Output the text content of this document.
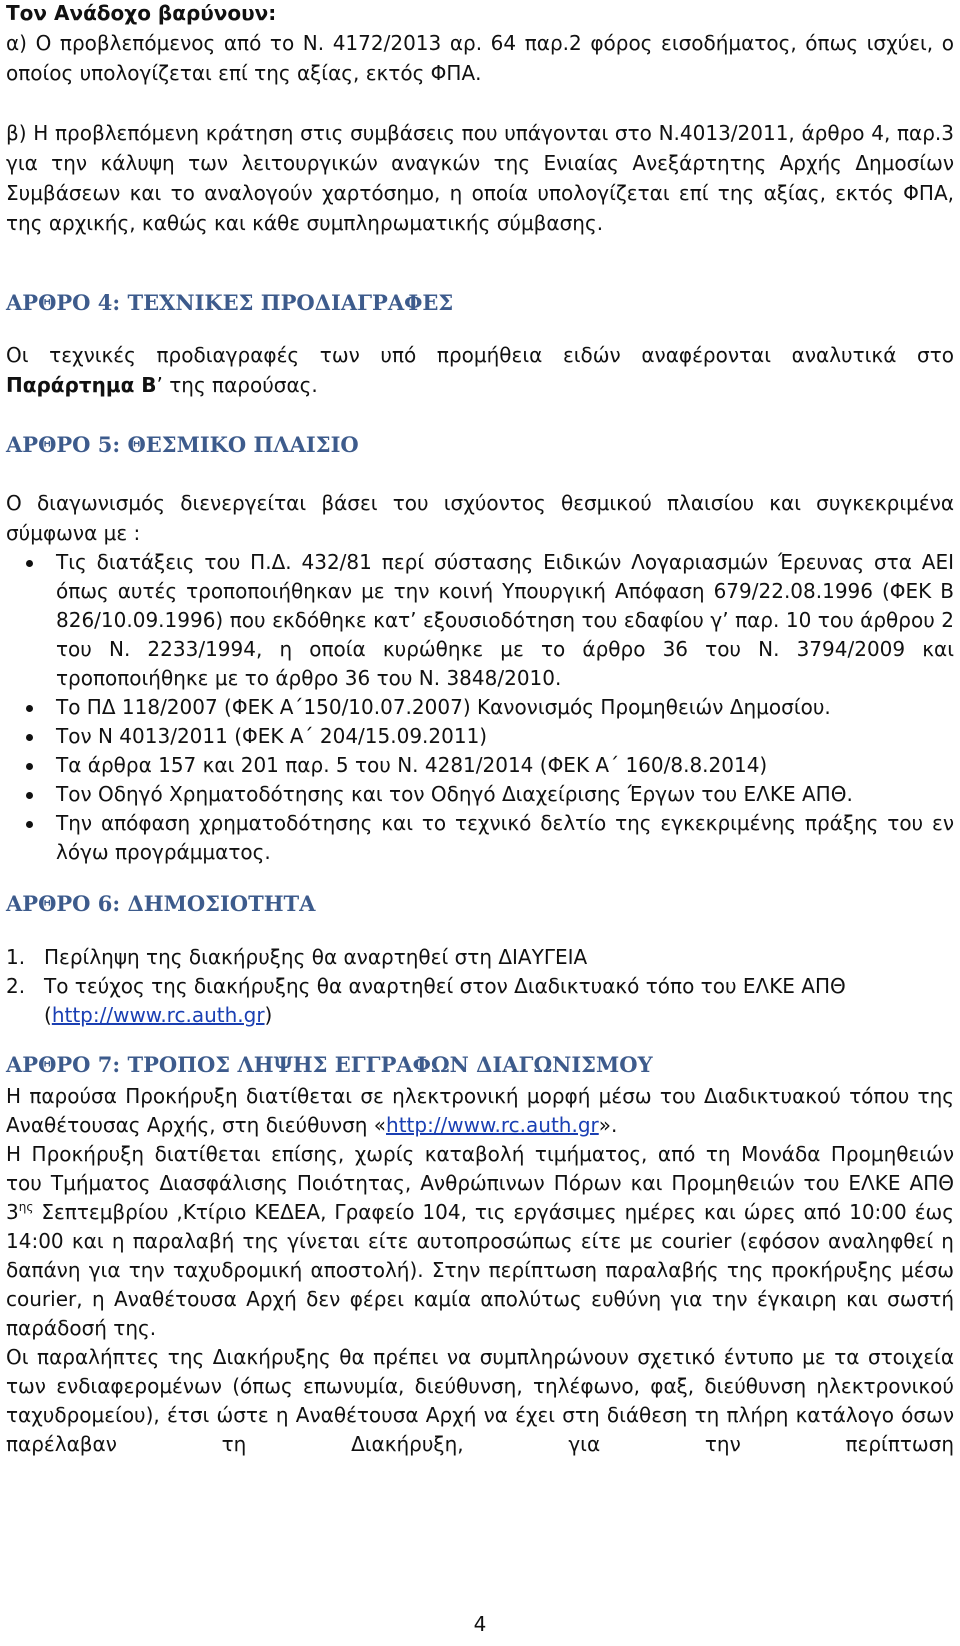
Τον Ανάδοχο βαρύνουν:

α) Ο προβλεπόμενος από το Ν. 4172/2013 αρ. 64 παρ.2 φόρος εισοδήματος, όπως ισχύει, ο οποίος υπολογίζεται επί της αξίας, εκτός ΦΠΑ.

β) Η προβλεπόμενη κράτηση στις συμβάσεις που υπάγονται στο Ν.4013/2011, άρθρο 4, παρ.3 για την κάλυψη των λειτουργικών αναγκών της Ενιαίας Ανεξάρτητης Αρχής Δημοσίων Συμβάσεων και το αναλογούν χαρτόσημο, η οποία υπολογίζεται επί της αξίας, εκτός ΦΠΑ, της αρχικής, καθώς και κάθε συμπληρωματικής σύμβασης.

ΑΡΘΡΟ 4: ΤΕΧΝΙΚΕΣ ΠΡΟΔΙΑΓΡΑΦΕΣ

Οι τεχνικές προδιαγραφές των υπό προμήθεια ειδών αναφέρονται αναλυτικά στο Παράρτημα Β’ της παρούσας.

ΑΡΘΡΟ 5: ΘΕΣΜΙΚΟ ΠΛΑΙΣΙΟ

Ο διαγωνισμός διενεργείται βάσει του ισχύοντος θεσμικού πλαισίου και συγκεκριμένα σύμφωνα με :

Τις διατάξεις του Π.Δ. 432/81 περί σύστασης Ειδικών Λογαριασμών Έρευνας στα ΑΕΙ όπως αυτές τροποποιήθηκαν με την κοινή Υπουργική Απόφαση 679/22.08.1996 (ΦΕΚ Β 826/10.09.1996) που εκδόθηκε κατ’ εξουσιοδότηση του εδαφίου γ’ παρ. 10 του άρθρου 2 του Ν. 2233/1994, η οποία κυρώθηκε με το άρθρο 36 του Ν. 3794/2009 και τροποποιήθηκε με το άρθρο 36 του Ν. 3848/2010.
Το ΠΔ 118/2007 (ΦΕΚ Α΄150/10.07.2007) Κανονισμός Προμηθειών Δημοσίου.
Τον Ν 4013/2011 (ΦΕΚ Α΄ 204/15.09.2011)
Τα άρθρα 157 και 201 παρ. 5 του Ν. 4281/2014 (ΦΕΚ Α΄ 160/8.8.2014)
Τον Οδηγό Χρηματοδότησης και τον Οδηγό Διαχείρισης Έργων του ΕΛΚΕ ΑΠΘ.
Την απόφαση χρηματοδότησης και το τεχνικό δελτίο της εγκεκριμένης πράξης του εν λόγω προγράμματος.
ΑΡΘΡΟ 6: ΔΗΜΟΣΙΟΤΗΤΑ
1. Περίληψη της διακήρυξης θα αναρτηθεί στη ΔΙΑΥΓΕΙΑ
2. Το τεύχος της διακήρυξης θα αναρτηθεί στον Διαδικτυακό τόπο του ΕΛΚΕ ΑΠΘ (http://www.rc.auth.gr)
ΑΡΘΡΟ 7: ΤΡΟΠΟΣ ΛΗΨΗΣ ΕΓΓΡΑΦΩΝ ΔΙΑΓΩΝΙΣΜΟΥ

Η παρούσα Προκήρυξη διατίθεται σε ηλεκτρονική μορφή μέσω του Διαδικτυακού τόπου της Αναθέτουσας Αρχής, στη διεύθυνση «http://www.rc.auth.gr».

Η Προκήρυξη διατίθεται επίσης, χωρίς καταβολή τιμήματος, από τη Μονάδα Προμηθειών του Τμήματος Διασφάλισης Ποιότητας, Ανθρώπινων Πόρων και Προμηθειών του ΕΛΚΕ ΑΠΘ $3^{\eta\varsigma}$ Σεπτεμβρίου ,Κτίριο ΚΕΔΕΑ, Γραφείο 104, τις εργάσιμες ημέρες και ώρες από 10:00 έως 14:00 και η παραλαβή της γίνεται είτε αυτοπροσώπως είτε με courier (εφόσον αναληφθεί η δαπάνη για την ταχυδρομική αποστολή). Στην περίπτωση παραλαβής της προκήρυξης μέσω courier, η Αναθέτουσα Αρχή δεν φέρει καμία απολύτως ευθύνη για την έγκαιρη και σωστή παράδοσή της.

Οι παραλήπτες της Διακήρυξης θα πρέπει να συμπληρώνουν σχετικό έντυπο με τα στοιχεία των ενδιαφερομένων (όπως επωνυμία, διεύθυνση, τηλέφωνο, φαξ, διεύθυνση ηλεκτρονικού ταχυδρομείου), έτσι ώστε η Αναθέτουσα Αρχή να έχει στη διάθεση τη πλήρη κατάλογο όσων παρέλαβαν τη Διακήρυξη, για την περίπτωση

4
